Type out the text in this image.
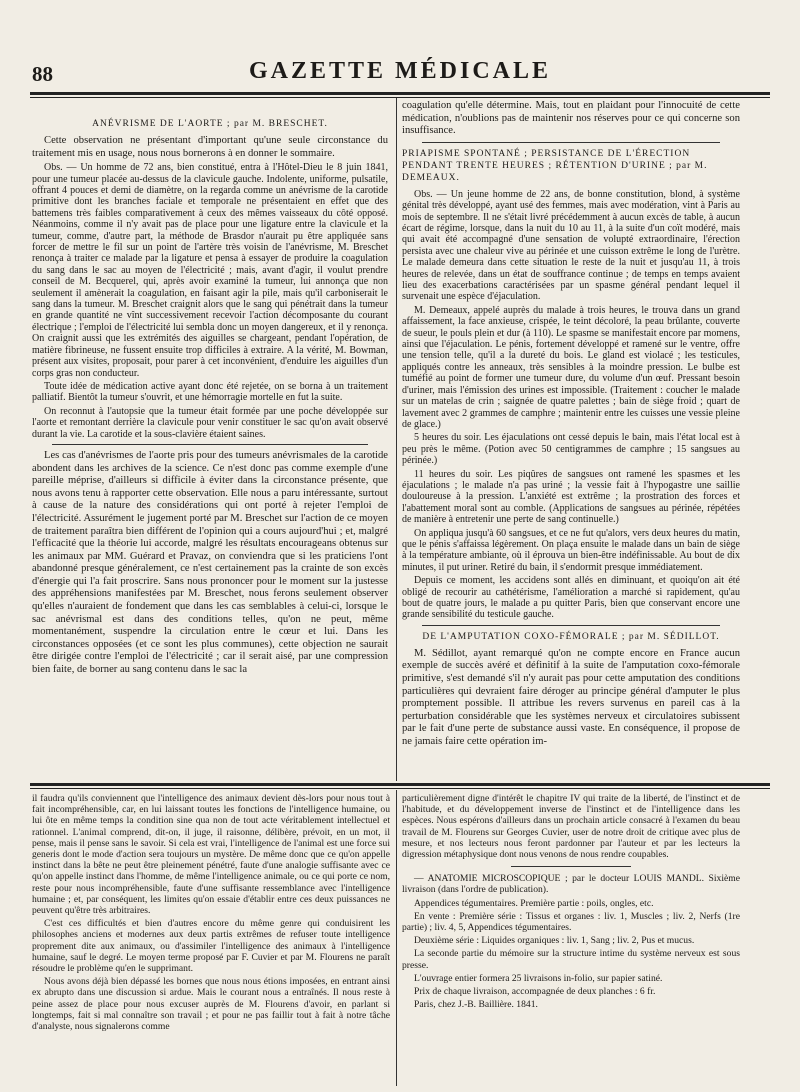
88	GAZETTE MÉDICALE
ANÉVRISME DE L'AORTE ; par M. BRESCHET.

Cette observation ne présentant d'important qu'une seule circonstance du traitement mis en usage, nous nous bornerons à en donner le sommaire.

Obs. — Un homme de 72 ans, bien constitué, entra à l'Hôtel-Dieu le 8 juin 1841, pour une tumeur placée au-dessus de la clavicule gauche. Indolente, uniforme, pulsatile, offrant 4 pouces et demi de diamètre, on la regarda comme un anévrisme de la carotide primitive dont les branches faciale et temporale ne présentaient en effet que des battemens très faibles comparativement à ceux des mêmes vaisseaux du côté opposé. Néanmoins, comme il n'y avait pas de place pour une ligature entre la clavicule et la tumeur, comme, d'autre part, la méthode de Brasdor n'aurait pu être appliquée sans forcer de mettre le fil sur un point de l'artère très voisin de l'anévrisme, M. Breschet renonça à traiter ce malade par la ligature et pensa à essayer de produire la coagulation du sang dans le sac au moyen de l'électricité ; mais, avant d'agir, il voulut prendre conseil de M. Becquerel, qui, après avoir examiné la tumeur, lui annonça que non seulement il amènerait la coagulation, en faisant agir la pile, mais qu'il carboniserait le sang dans la tumeur. M. Breschet craignit alors que le sang qui pénétrait dans la tumeur en grande quantité ne vînt successivement recevoir l'action décomposante du courant électrique ; l'emploi de l'électricité lui sembla donc un moyen dangereux, et il y renonça. On craignit aussi que les extrémités des aiguilles se chargeant, pendant l'opération, de matière fibrineuse, ne fussent ensuite trop difficiles à extraire. A la vérité, M. Bowman, présent aux visites, proposait, pour parer à cet inconvénient, d'enduire les aiguilles d'un corps gras non conducteur.

Toute idée de médication active ayant donc été rejetée, on se borna à un traitement palliatif. Bientôt la tumeur s'ouvrit, et une hémorragie mortelle en fut la suite.

On reconnut à l'autopsie que la tumeur était formée par une poche développée sur l'aorte et remontant derrière la clavicule pour venir constituer le sac qu'on avait observé durant la vie. La carotide et la sous-clavière étaient saines.

Les cas d'anévrismes de l'aorte pris pour des tumeurs anévrismales de la carotide abondent dans les archives de la science. Ce n'est donc pas comme exemple d'une pareille méprise, d'ailleurs si difficile à éviter dans la circonstance présente, que nous avons tenu à rapporter cette observation. Elle nous a paru intéressante, surtout à cause de la nature des considérations qui ont porté à rejeter l'emploi de l'électricité. Assurément le jugement porté par M. Breschet sur l'action de ce moyen de traitement paraîtra bien différent de l'opinion qui a cours aujourd'hui ; et, malgré l'efficacité que la théorie lui accorde, malgré les résultats encourageans obtenus sur les animaux par MM. Guérard et Pravaz, on conviendra que si les praticiens l'ont abandonné presque généralement, ce n'est certainement pas la crainte de son excès d'énergie qui l'a fait proscrire. Sans nous prononcer pour le moment sur la justesse des appréhensions manifestées par M. Breschet, nous ferons seulement observer qu'elles n'auraient de fondement que dans les cas semblables à celui-ci, lorsque le sac anévrismal est dans des conditions telles, qu'on ne peut, même momentanément, suspendre la circulation entre le cœur et lui. Dans les circonstances opposées (et ce sont les plus communes), cette objection ne saurait être dirigée contre l'emploi de l'électricité ; car il serait aisé, par une compression bien faite, de borner au sang contenu dans le sac la

coagulation qu'elle détermine. Mais, tout en plaidant pour l'innocuité de cette médication, n'oublions pas de maintenir nos réserves pour ce qui concerne son insuffisance.

PRIAPISME SPONTANÉ ; PERSISTANCE DE L'ÉRECTION PENDANT TRENTE HEURES ; RÉTENTION D'URINE ; par M. DEMEAUX.

Obs. — Un jeune homme de 22 ans, de bonne constitution, blond, à système génital très développé, ayant usé des femmes, mais avec modération, vint à Paris au mois de septembre. Il ne s'était livré précédemment à aucun excès de table, à aucun écart de régime, lorsque, dans la nuit du 10 au 11, à la suite d'un coït modéré, mais qui avait été accompagné d'une sensation de volupté extraordinaire, l'érection persista avec une chaleur vive au périnée et une cuisson extrême le long de l'urètre. Le malade demeura dans cette situation le reste de la nuit et jusqu'au 11, à trois heures de relevée, dans un état de souffrance continue ; de temps en temps avaient lieu des exacerbations caractérisées par un spasme général pendant lequel il survenait une espèce d'éjaculation.

M. Demeaux, appelé auprès du malade à trois heures, le trouva dans un grand affaissement, la face anxieuse, crispée, le teint décoloré, la peau brûlante, couverte de sueur, le pouls plein et dur (à 110). Le spasme se manifestait encore par momens, ainsi que l'éjaculation. Le pénis, fortement développé et ramené sur le ventre, offre une tension telle, qu'il a la dureté du bois. Le gland est violacé ; les testicules, appliqués contre les anneaux, très sensibles à la moindre pression. Le bulbe est tuméfié au point de former une tumeur dure, du volume d'un œuf. Pressant besoin d'uriner, mais l'émission des urines est impossible. (Traitement : coucher le malade sur un matelas de crin ; saignée de quatre palettes ; bain de siège froid ; quart de lavement avec 2 grammes de camphre ; maintenir entre les cuisses une vessie pleine de glace.)

5 heures du soir. Les éjaculations ont cessé depuis le bain, mais l'état local est à peu près le même. (Potion avec 50 centigrammes de camphre ; 15 sangsues au périnée.)

11 heures du soir. Les piqûres de sangsues ont ramené les spasmes et les éjaculations ; le malade n'a pas uriné ; la vessie fait à l'hypogastre une saillie douloureuse à la pression. L'anxiété est extrême ; la prostration des forces et l'abattement moral sont au comble. (Applications de sangsues au périnée, répétées de manière à entretenir une perte de sang continuelle.)

On appliqua jusqu'à 60 sangsues, et ce ne fut qu'alors, vers deux heures du matin, que le pénis s'affaissa légèrement. On plaça ensuite le malade dans un bain de siège à la température ambiante, où il éprouva un bien-être indéfinissable. Au bout de dix minutes, il put uriner. Retiré du bain, il s'endormit presque immédiatement.

Depuis ce moment, les accidens sont allés en diminuant, et quoiqu'on ait été obligé de recourir au cathétérisme, l'amélioration a marché si rapidement, qu'au bout de quatre jours, le malade a pu quitter Paris, bien que conservant encore une grande sensibilité du testicule gauche.

DE L'AMPUTATION COXO-FÉMORALE ; par M. SÉDILLOT.

M. Sédillot, ayant remarqué qu'on ne compte encore en France aucun exemple de succès avéré et définitif à la suite de l'amputation coxo-fémorale primitive, s'est demandé s'il n'y aurait pas pour cette amputation des conditions particulières qui devraient faire déroger au principe général d'amputer le plus promptement possible. Il attribue les revers survenus en pareil cas à la perturbation considérable que les systèmes nerveux et circulatoires subissent par le fait d'une perte de substance aussi vaste. En conséquence, il propose de ne jamais faire cette opération im-

il faudra qu'ils conviennent que l'intelligence des animaux devient dès-lors pour nous tout à fait incompréhensible, car, en lui laissant toutes les fonctions de l'intelligence humaine, ou lui ôte en même temps la condition sine qua non de tout acte véritablement intellectuel et rationnel. L'animal comprend, dit-on, il juge, il raisonne, délibère, prévoit, en un mot, il pense, mais il pense sans le savoir. Si cela est vrai, l'intelligence de l'animal est une force sui generis dont le mode d'action sera toujours un mystère. De même donc que ce qu'on appelle instinct dans la bête ne peut être pleinement pénétré, faute d'une analogie suffisante avec ce qu'on appelle instinct dans l'homme, de même l'intelligence animale, ou ce qui porte ce nom, reste pour nous incompréhensible, faute d'une suffisante ressemblance avec l'intelligence humaine ; et, par conséquent, les limites qu'on essaie d'établir entre ces deux puissances ne peuvent qu'être très arbitraires.

C'est ces difficultés et bien d'autres encore du même genre qui conduisirent les philosophes anciens et modernes aux deux partis extrêmes de refuser toute intelligence proprement dite aux animaux, ou d'assimiler l'intelligence des animaux à l'intelligence humaine, sauf le degré. Le moyen terme proposé par F. Cuvier et par M. Flourens ne paraît résoudre le problème qu'en le supprimant.

Nous avons déjà bien dépassé les bornes que nous nous étions imposées, en entrant ainsi ex abrupto dans une discussion si ardue. Mais le courant nous a entraînés. Il nous reste à peine assez de place pour nous excuser auprès de M. Flourens d'avoir, en parlant si longtemps, fait si mal connaître son travail ; et pour ne pas faillir tout à fait à notre tâche d'analyste, nous signalerons comme

particulièrement digne d'intérêt le chapitre IV qui traite de la liberté, de l'instinct et de l'habitude, et du développement inverse de l'instinct et de l'intelligence dans les espèces. Nous espérons d'ailleurs dans un prochain article consacré à l'examen du beau travail de M. Flourens sur Georges Cuvier, user de notre droit de critique avec plus de mesure, et nos lecteurs nous feront pardonner par l'auteur et par les lecteurs la digression métaphysique dont nous venons de nous rendre coupables.

— ANATOMIE MICROSCOPIQUE ; par le docteur LOUIS MANDL. Sixième livraison (dans l'ordre de publication).

Appendices tégumentaires. Première partie : poils, ongles, etc.

En vente : Première série : Tissus et organes : liv. 1, Muscles ; liv. 2, Nerfs (1re partie) ; liv. 4, 5, Appendices tégumentaires.

Deuxième série : Liquides organiques : liv. 1, Sang ; liv. 2, Pus et mucus.

La seconde partie du mémoire sur la structure intime du système nerveux est sous presse.

L'ouvrage entier formera 25 livraisons in-folio, sur papier satiné.

Prix de chaque livraison, accompagnée de deux planches : 6 fr.

Paris, chez J.-B. Baillière. 1841.
